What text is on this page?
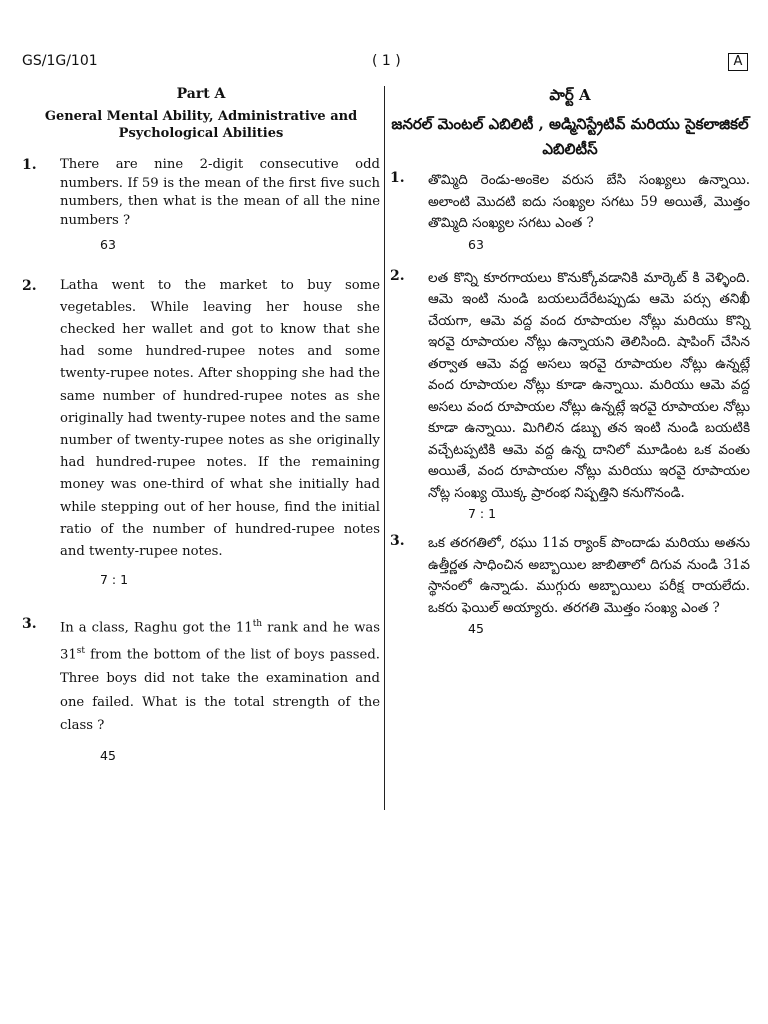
GS/1G/101	( 1 )	A
Part A
General Mental Ability, Administrative and Psychological Abilities
1. There are nine 2-digit consecutive odd numbers. If 59 is the mean of the first five such numbers, then what is the mean of all the nine numbers ?

63
2. Latha went to the market to buy some vegetables. While leaving her house she checked her wallet and got to know that she had some hundred-rupee notes and some twenty-rupee notes. After shopping she had the same number of hundred-rupee notes as she originally had twenty-rupee notes and the same number of twenty-rupee notes as she originally had hundred-rupee notes. If the remaining money was one-third of what she initially had while stepping out of her house, find the initial ratio of the number of hundred-rupee notes and twenty-rupee notes.

7 : 1
3. In a class, Raghu got the 11th rank and he was 31st from the bottom of the list of boys passed. Three boys did not take the examination and one failed. What is the total strength of the class ?

45
పార్ట్ A
జనరల్ మెంటల్ ఎబిలిటీ , అడ్మినిస్ట్రేటివ్ మరియు సైకలాజికల్ ఎబిలిటీస్
1. తొమ్మిది రెండు-అంకెల వరుస బేసి సంఖ్యలు ఉన్నాయి. అలాంటి మొదటి ఐదు సంఖ్యల సగటు 59 అయితే, మొత్తం తొమ్మిది సంఖ్యల సగటు ఎంత ?

63
2. లత కొన్ని కూరగాయలు కొనుక్కోవడానికి మార్కెట్ కి వెళ్ళింది. ఆమె ఇంటి నుండి బయలుదేరేటప్పుడు ఆమె పర్సు తనిఖీ చేయగా, ఆమె వద్ద వంద రూపాయల నోట్లు మరియు కొన్ని ఇరవై రూపాయల నోట్లు ఉన్నాయని తెలిసింది. షాపింగ్ చేసిన తర్వాత ఆమె వద్ద అసలు ఇరవై రూపాయల నోట్లు ఉన్నట్లే వంద రూపాయల నోట్లు కూడా ఉన్నాయి. మరియు ఆమె వద్ద అసలు వంద రూపాయల నోట్లు ఉన్నట్లే ఇరవై రూపాయల నోట్లు కూడా ఉన్నాయి. మిగిలిన డబ్బు తన ఇంటి నుండి బయటికి వచ్చేటప్పటికి ఆమె వద్ద ఉన్న దానిలో మూడింట ఒక వంతు అయితే, వంద రూపాయల నోట్లు మరియు ఇరవై రూపాయల నోట్ల సంఖ్య యొక్క ప్రారంభ నిష్పత్తిని కనుగొనండి.

7 : 1
3. ఒక తరగతిలో, రఘు 11వ ర్యాంక్ పొందాడు మరియు అతను ఉత్తీర్ణత సాధించిన అబ్బాయిల జాబితాలో దిగువ నుండి 31వ స్థానంలో ఉన్నాడు. ముగ్గురు అబ్బాయిలు పరీక్ష రాయలేదు. ఒకరు ఫెయిల్ అయ్యారు. తరగతి మొత్తం సంఖ్య ఎంత ?

45
